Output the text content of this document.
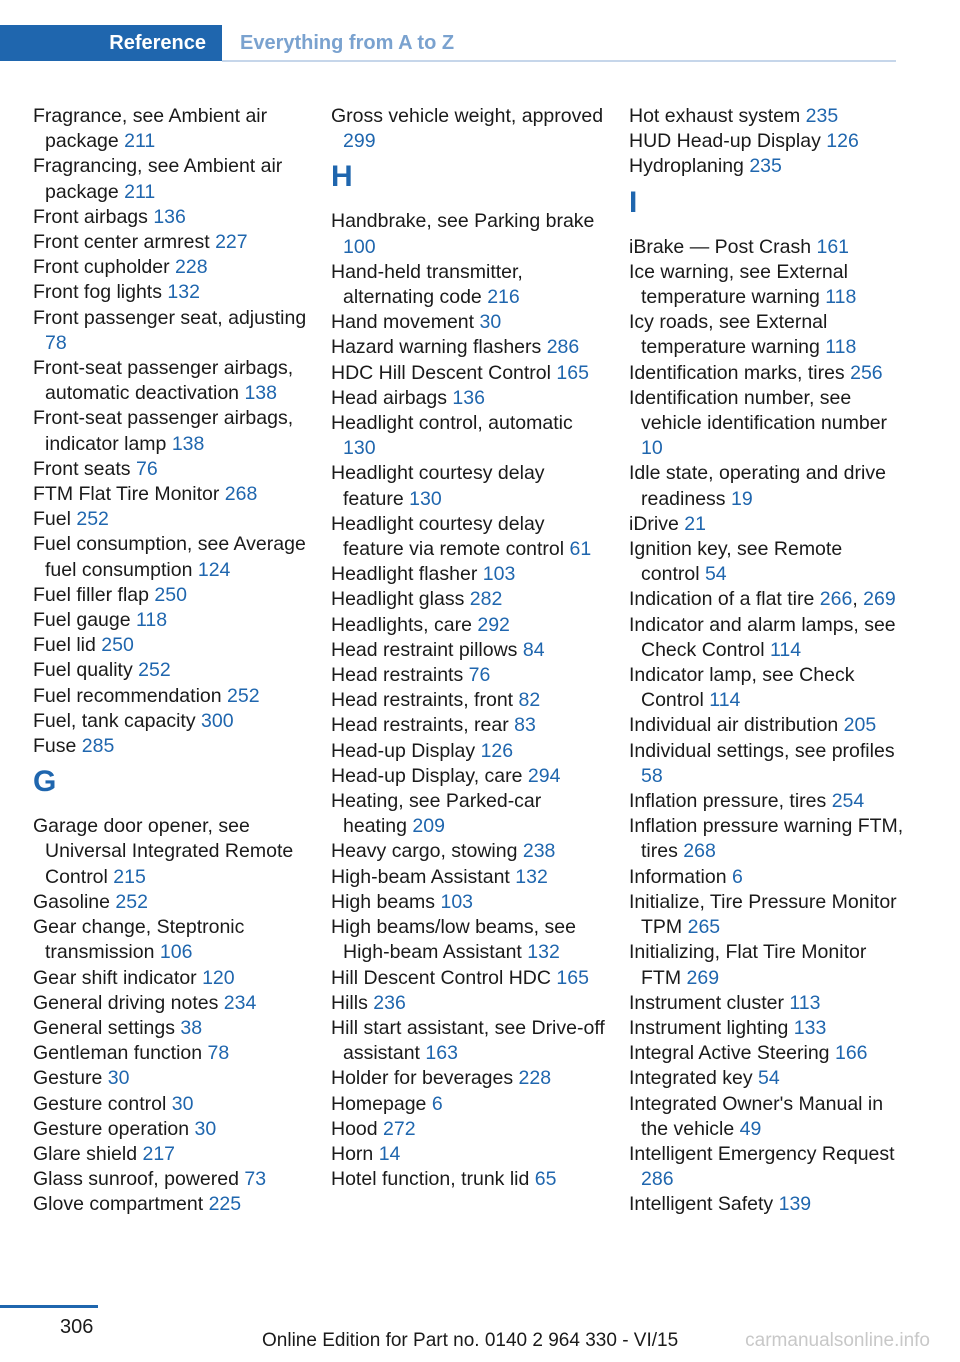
Reference	Everything from A to Z

Fragrance, see Ambient air package 211

Fragrancing, see Ambient air package 211

Front airbags 136

Front center armrest 227

Front cupholder 228

Front fog lights 132

Front passenger seat, adjusting 78

Front-seat passenger airbags, automatic deactivation 138

Front-seat passenger airbags, indicator lamp 138

Front seats 76

FTM Flat Tire Monitor 268

Fuel 252

Fuel consumption, see Average fuel consumption 124

Fuel filler flap 250

Fuel gauge 118

Fuel lid 250

Fuel quality 252

Fuel recommendation 252

Fuel, tank capacity 300

Fuse 285

G

Garage door opener, see Universal Integrated Remote Control 215

Gasoline 252

Gear change, Steptronic transmission 106

Gear shift indicator 120

General driving notes 234

General settings 38

Gentleman function 78

Gesture 30

Gesture control 30

Gesture operation 30

Glare shield 217

Glass sunroof, powered 73

Glove compartment 225

Gross vehicle weight, approved 299

H

Handbrake, see Parking brake 100

Hand-held transmitter, alternating code 216

Hand movement 30

Hazard warning flashers 286

HDC Hill Descent Control 165

Head airbags 136

Headlight control, automatic 130

Headlight courtesy delay feature 130

Headlight courtesy delay feature via remote control 61

Headlight flasher 103

Headlight glass 282

Headlights, care 292

Head restraint pillows 84

Head restraints 76

Head restraints, front 82

Head restraints, rear 83

Head-up Display 126

Head-up Display, care 294

Heating, see Parked-car heating 209

Heavy cargo, stowing 238

High-beam Assistant 132

High beams 103

High beams/low beams, see High-beam Assistant 132

Hill Descent Control HDC 165

Hills 236

Hill start assistant, see Drive-off assistant 163

Holder for beverages 228

Homepage 6

Hood 272

Horn 14

Hotel function, trunk lid 65

Hot exhaust system 235

HUD Head-up Display 126

Hydroplaning 235

I

iBrake — Post Crash 161

Ice warning, see External temperature warning 118

Icy roads, see External temperature warning 118

Identification marks, tires 256

Identification number, see vehicle identification number 10

Idle state, operating and drive readiness 19

iDrive 21

Ignition key, see Remote control 54

Indication of a flat tire 266, 269

Indicator and alarm lamps, see Check Control 114

Indicator lamp, see Check Control 114

Individual air distribution 205

Individual settings, see profiles 58

Inflation pressure, tires 254

Inflation pressure warning FTM, tires 268

Information 6

Initialize, Tire Pressure Monitor TPM 265

Initializing, Flat Tire Monitor FTM 269

Instrument cluster 113

Instrument lighting 133

Integral Active Steering 166

Integrated key 54

Integrated Owner's Manual in the vehicle 49

Intelligent Emergency Request 286

Intelligent Safety 139

306
Online Edition for Part no. 0140 2 964 330 - VI/15	carmanualsonline.info
